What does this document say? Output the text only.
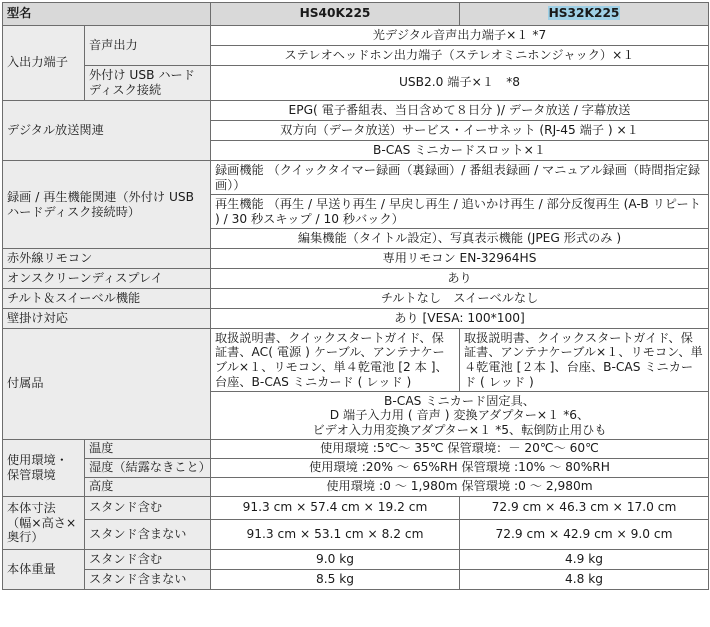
型名		HS40K225	HS32K225
入出力端子	音声出力	光デジタル音声出力端子×１ *7	
		ステレオヘッドホン出力端子（ステレオミニホンジャック）×１	
	外付け USB ハードディスク接続	USB2.0 端子×１　*8	
デジタル放送関連		EPG( 電子番組表、当日含めて８日分 )/ データ放送 / 字幕放送	
		双方向（データ放送）サービス・イーサネット (RJ-45 端子 ) ×１	
		B-CAS ミニカードスロット×１	
録画 / 再生機能関連（外付け USB ハードディスク接続時）		録画機能 （クイックタイマー録画（裏録画）/ 番組表録画 / マニュアル録画（時間指定録画））	
		再生機能 （再生 / 早送り再生 / 早戻し再生 / 追いかけ再生 / 部分反復再生 (A-B リピート ) / 30 秒スキップ / 10 秒バック）	
		編集機能（タイトル設定）、写真表示機能 (JPEG 形式のみ )	
赤外線リモコン		専用リモコン EN-32964HS	
オンスクリーンディスプレイ		あり	
チルト＆スイーベル機能		チルトなし　スイーベルなし	
壁掛け対応		あり [VESA: 100*100]	
付属品		取扱説明書、クイックスタートガイド、保証書、AC( 電源 ) ケーブル、アンテナケーブル×１、リモコン、単４乾電池 [2 本 ]、台座、B-CAS ミニカード ( レッド )	取扱説明書、クイックスタートガイド、保証書、アンテナケーブル×１、リモコン、単４乾電池 [２本 ]、台座、B-CAS ミニカード ( レッド )

		B-CAS ミニカード固定具、
D 端子入力用 ( 音声 ) 変換アダプター×１ *6、
ビデオ入力用変換アダプター×１ *5、転倒防止用ひも	

使用環境・保管環境	温度	使用環境 :5℃～ 35℃ 保管環境：－ 20℃～ 60℃	
	湿度（結露なきこと）	使用環境 :20% ～ 65%RH 保管環境 :10% ～ 80%RH	
	高度	使用環境 :0 ～ 1,980m 保管環境 :0 ～ 2,980m	
本体寸法（幅×高さ×奥行）	スタンド含む	91.3 cm × 57.4 cm × 19.2 cm	72.9 cm × 46.3 cm × 17.0 cm
	スタンド含まない	91.3 cm × 53.1 cm × 8.2 cm	72.9 cm × 42.9 cm × 9.0 cm
本体重量	スタンド含む	9.0 kg	4.9 kg
	スタンド含まない	8.5 kg	4.8 kg
